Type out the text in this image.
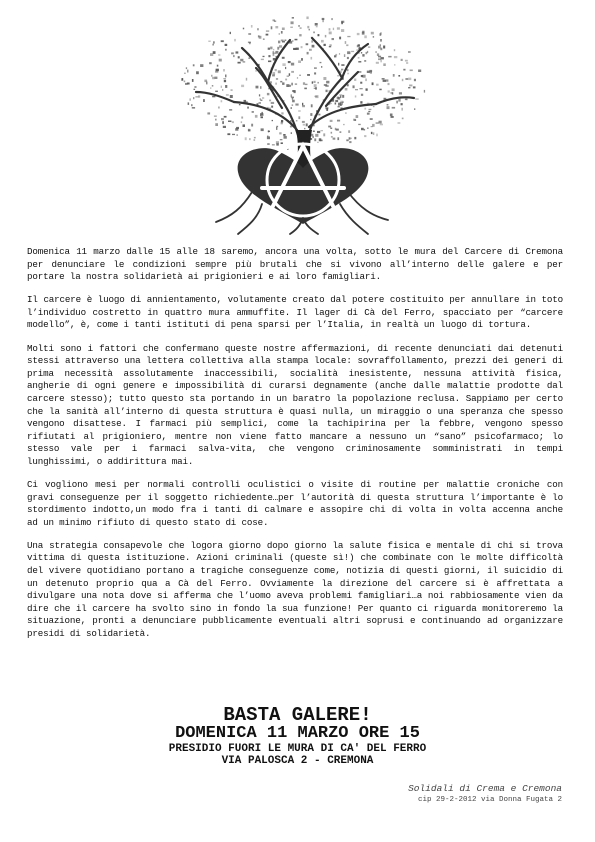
Domenica 11 marzo dalle 15 alle 18 saremo, ancora una volta, sotto le mura del Carcere di Cremona per denunciare le condizioni sempre più brutali che si vivono all’interno delle galere e per portare la nostra solidarietà ai prigionieri e ai loro famigliari.

Il carcere è luogo di annientamento, volutamente creato dal potere costituito per annullare in toto l’individuo costretto in quattro mura ammuffite. Il lager di Cà del Ferro, spacciato per “carcere modello”, è, come i tanti istituti di pena sparsi per l’Italia, in realtà un luogo di tortura.

Molti sono i fattori che confermano queste nostre affermazioni, di recente denunciati dai detenuti stessi attraverso una lettera collettiva alla stampa locale: sovraffollamento, prezzi dei generi di prima necessità assolutamente inaccessibili, socialità inesistente, nessuna attività fisica, angherie di ogni genere e impossibilità di curarsi degnamente (anche dalle malattie prodotte dal carcere stesso); tutto questo sta portando in un baratro la popolazione reclusa. Sappiamo per certo che la sanità all’interno di questa struttura è quasi nulla, un miraggio o una speranza che spesso vengono disattese. I farmaci più semplici, come la tachipirina per la febbre, vengono spesso rifiutati al prigioniero, mentre non viene fatto mancare a nessuno un “sano” psicofarmaco; lo stesso vale per i farmaci salva-vita, che vengono criminosamente somministrati in tempi lunghissimi, o addirittura mai.

Ci vogliono mesi per normali controlli oculistici o visite di routine per malattie croniche con gravi conseguenze per il soggetto richiedente…per l’autorità di questa struttura l’importante è lo stordimento indotto,un modo fra i tanti di calmare e assopire chi di volta in volta accenna anche ad un minimo rifiuto di questo stato di cose.

Una strategia consapevole che logora giorno dopo giorno la salute fisica e mentale di chi si trova vittima di questa istituzione. Azioni criminali (queste sì!) che combinate con le molte difficoltà del vivere quotidiano portano a tragiche conseguenze come, notizia di questi giorni, il suicidio di un detenuto proprio qua a Cà del Ferro. Ovviamente la direzione del carcere si è affrettata a divulgare una nota dove si afferma che l’uomo aveva problemi famigliari…a noi rabbiosamente vien da dire che il carcere ha svolto sino in fondo la sua funzione! Per quanto ci riguarda monitoreremo la situazione, pronti a denunciare pubblicamente eventuali altri soprusi e continuando ad organizzare presidi di solidarietà.

BASTA GALERE!
DOMENICA 11 MARZO ORE 15
PRESIDIO FUORI LE MURA DI CA' DEL FERRO
VIA PALOSCA 2 - CREMONA
Solidali di Crema e Cremona
cip 29-2-2012 via Donna Fugata 2
